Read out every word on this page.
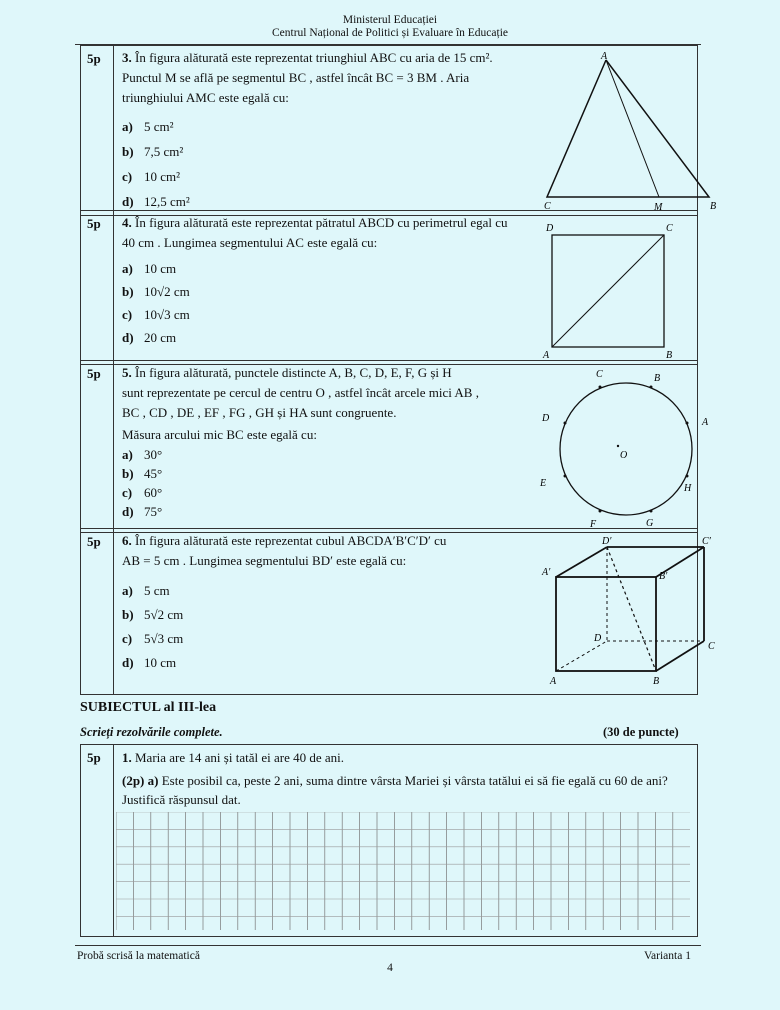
Ministerul Educației
Centrul Național de Politici și Evaluare în Educație
5p	3. În figura alăturată este reprezentat triunghiul ABC cu aria de 15 cm².
Punctul M se află pe segmentul BC , astfel încât BC = 3 BM . Aria
triunghiului AMC este egală cu:
a) 5 cm²
b) 7,5 cm²
c) 10 cm²
d) 12,5 cm²
A
C	M	B
5p	4. În figura alăturată este reprezentat pătratul ABCD cu perimetrul egal cu
40 cm . Lungimea segmentului AC este egală cu:
a) 10 cm
b) 10√2 cm
c) 10√3 cm
d) 20 cm
D	C
A	B
5p	5. În figura alăturată, punctele distincte A, B, C, D, E, F, G și H
sunt reprezentate pe cercul de centru O , astfel încât arcele mici AB ,
BC , CD , DE , EF , FG , GH și HA sunt congruente.
Măsura arcului mic BC este egală cu:
a) 30°
b) 45°
c) 60°
d) 75°
A
B
C
D
O
E	H
F	G
5p	6. În figura alăturată este reprezentat cubul ABCDA′B′C′D′ cu
AB = 5 cm . Lungimea segmentului BD′ este egală cu:
a) 5 cm
b) 5√2 cm
c) 5√3 cm
d) 10 cm
D′	C′
A′	B′
D
C
A	B
SUBIECTUL al III-lea
Scrieți rezolvările complete.	(30 de puncte)
5p	1. Maria are 14 ani și tatăl ei are 40 de ani.
(2p) a) Este posibil ca, peste 2 ani, suma dintre vârsta Mariei și vârsta tatălui ei să fie egală cu 60 de ani?
Justifică răspunsul dat.
Probă scrisă la matematică	Varianta 1
4
